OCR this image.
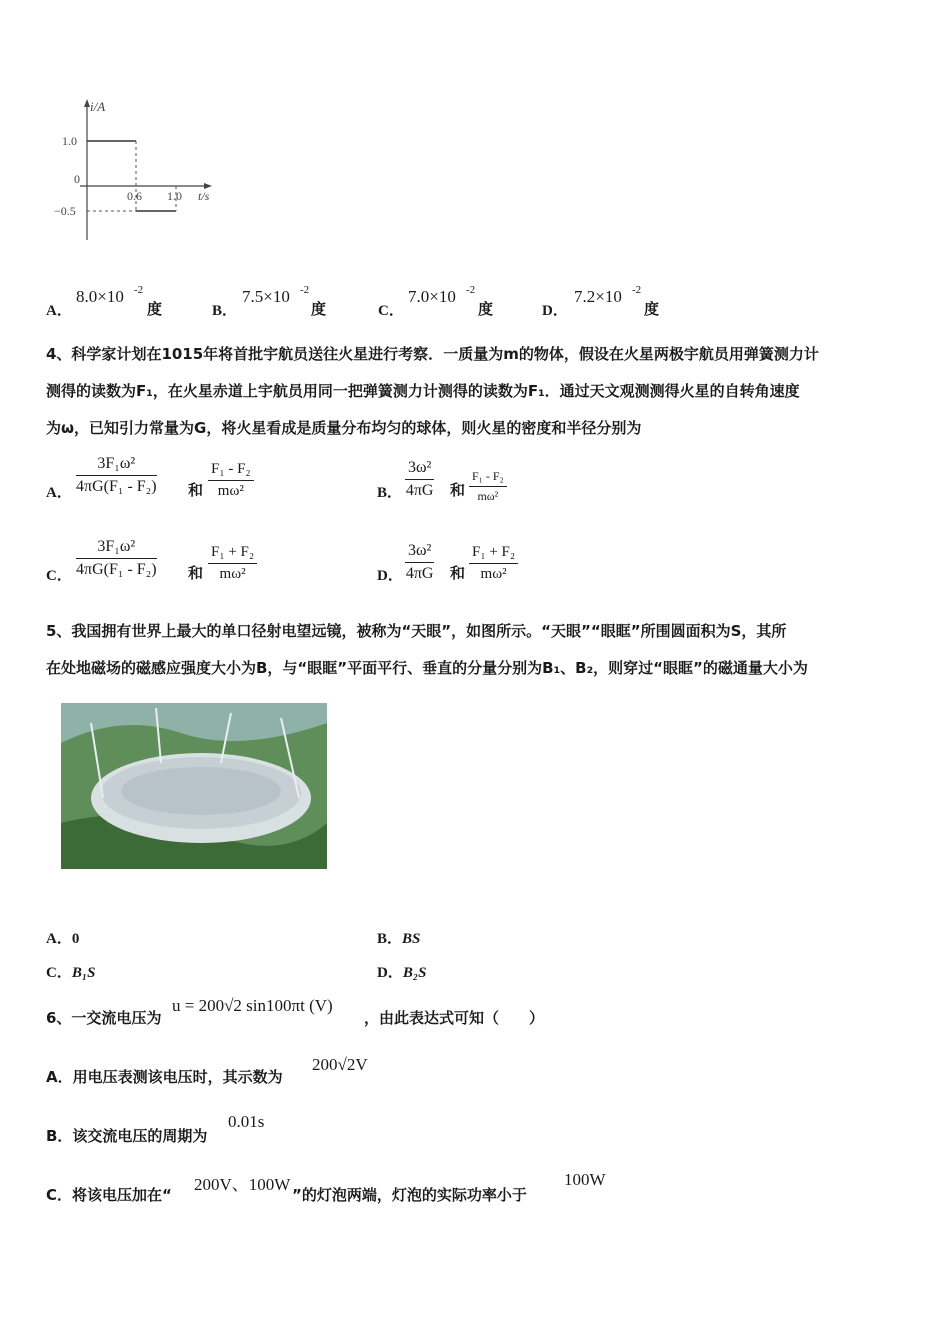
i/A
1.0
0
−0.5
0.6 1.0 t/s
A．
8.0×10 -2
度	B．
7.5×10 -2
度	C．
7.0×10 -2
度	D．
7.2×10 -2
度
4、科学家计划在1015年将首批宇航员送往火星进行考察．一质量为m的物体，假设在火星两极宇航员用弹簧测力计
测得的读数为F₁，在火星赤道上宇航员用同一把弹簧测力计测得的读数为F₁．通过天文观测测得火星的自转角速度
为ω，已知引力常量为G，将火星看成是质量分布均匀的球体，则火星的密度和半径分别为
A． $\frac{\text{3F₁ω²}}{\text{4πG(F₁ - F₂)}}$ 和 $\frac{\text{F₁ - F₂}}{\text{mω²}}$	B． $\frac{\text{3ω²}}{4\pi G}$ 和 $\frac{\text{F₁ - F₂}}{\text{mω²}}$
C． $\frac{\text{3F₁ω²}}{\text{4πG(F₁ - F₂)}}$ 和 $\frac{\text{F₁ + F₂}}{\text{mω²}}$	D． $\frac{\text{3ω²}}{4\pi G}$ 和 $\frac{\text{F₁ + F₂}}{\text{mω²}}$
5、我国拥有世界上最大的单口径射电望远镜，被称为“天眼”，如图所示。“天眼”“眼眶”所围圆面积为S，其所
在处地磁场的磁感应强度大小为B，与“眼眶”平面平行、垂直的分量分别为B₁、B₂，则穿过“眼眶”的磁通量大小为
A．0	B．BS
C．B₁S	D．B₂S
6、一交流电压为
u = 200√2 sin100πt (V)
，由此表达式可知（　　）
A．用电压表测该电压时，其示数为
200√2V
B．该交流电压的周期为
0.01s
C．将该电压加在“
200V、100W
”的灯泡两端，灯泡的实际功率小于
100W
